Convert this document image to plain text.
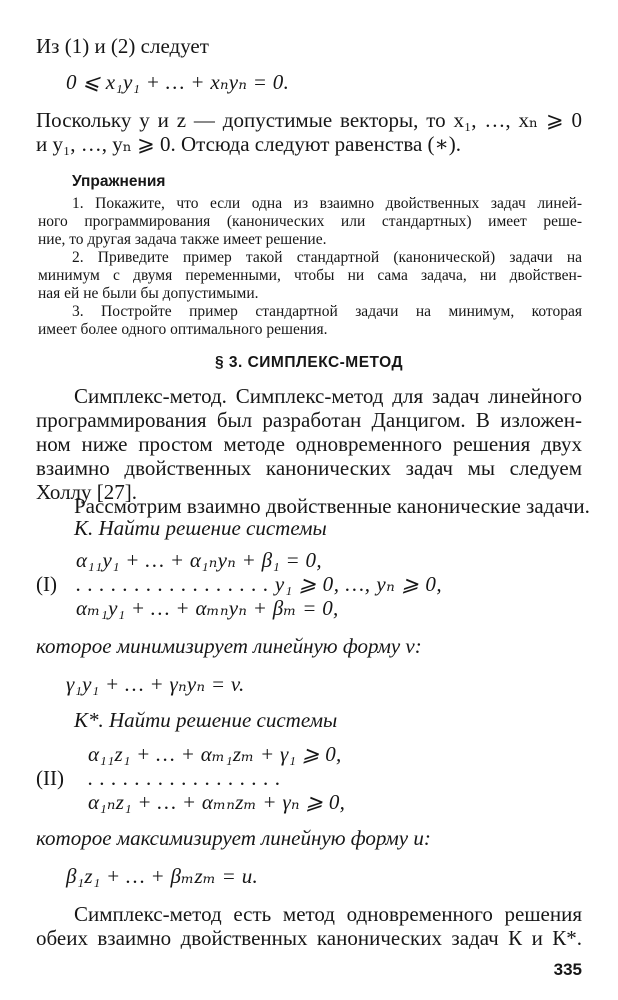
Из (1) и (2) следует
0 ⩽ x₁y₁ + … + xₙyₙ = 0.
Поскольку y и z — допустимые векторы, то x₁, …, xₙ ⩾ 0
и y₁, …, yₙ ⩾ 0. Отсюда следуют равенства (∗).
Упражнения
1. Покажите, что если одна из взаимно двойственных задач линей-
ного программирования (канонических или стандартных) имеет реше-
ние, то другая задача также имеет решение.
2. Приведите пример такой стандартной (канонической) задачи на
минимум с двумя переменными, чтобы ни сама задача, ни двойствен-
ная ей не были бы допустимыми.
3. Постройте пример стандартной задачи на минимум, которая
имеет более одного оптимального решения.
§ 3. СИМПЛЕКС-МЕТОД
Симплекс-метод. Симплекс-метод для задач линейного
программирования был разработан Данцигом. В изложен-
ном ниже простом методе одновременного решения двух
взаимно двойственных канонических задач мы следуем
Холлу [27].
Рассмотрим взаимно двойственные канонические задачи.
К. Найти решение системы
(I)
α₁₁y₁ + … + α₁ₙyₙ + β₁ = 0,
. . . . . . . . . . . . . . . . . y₁ ⩾ 0, …, yₙ ⩾ 0,
αₘ₁y₁ + … + αₘₙyₙ + βₘ = 0,
которое минимизирует линейную форму v:
γ₁y₁ + … + γₙyₙ = v.
К*. Найти решение системы
(II)
α₁₁z₁ + … + αₘ₁zₘ + γ₁ ⩾ 0,
. . . . . . . . . . . . . . . . .
α₁ₙz₁ + … + αₘₙzₘ + γₙ ⩾ 0,
которое максимизирует линейную форму u:
β₁z₁ + … + βₘzₘ = u.
Симплекс-метод есть метод одновременного решения
обеих взаимно двойственных канонических задач К и К*.
335
